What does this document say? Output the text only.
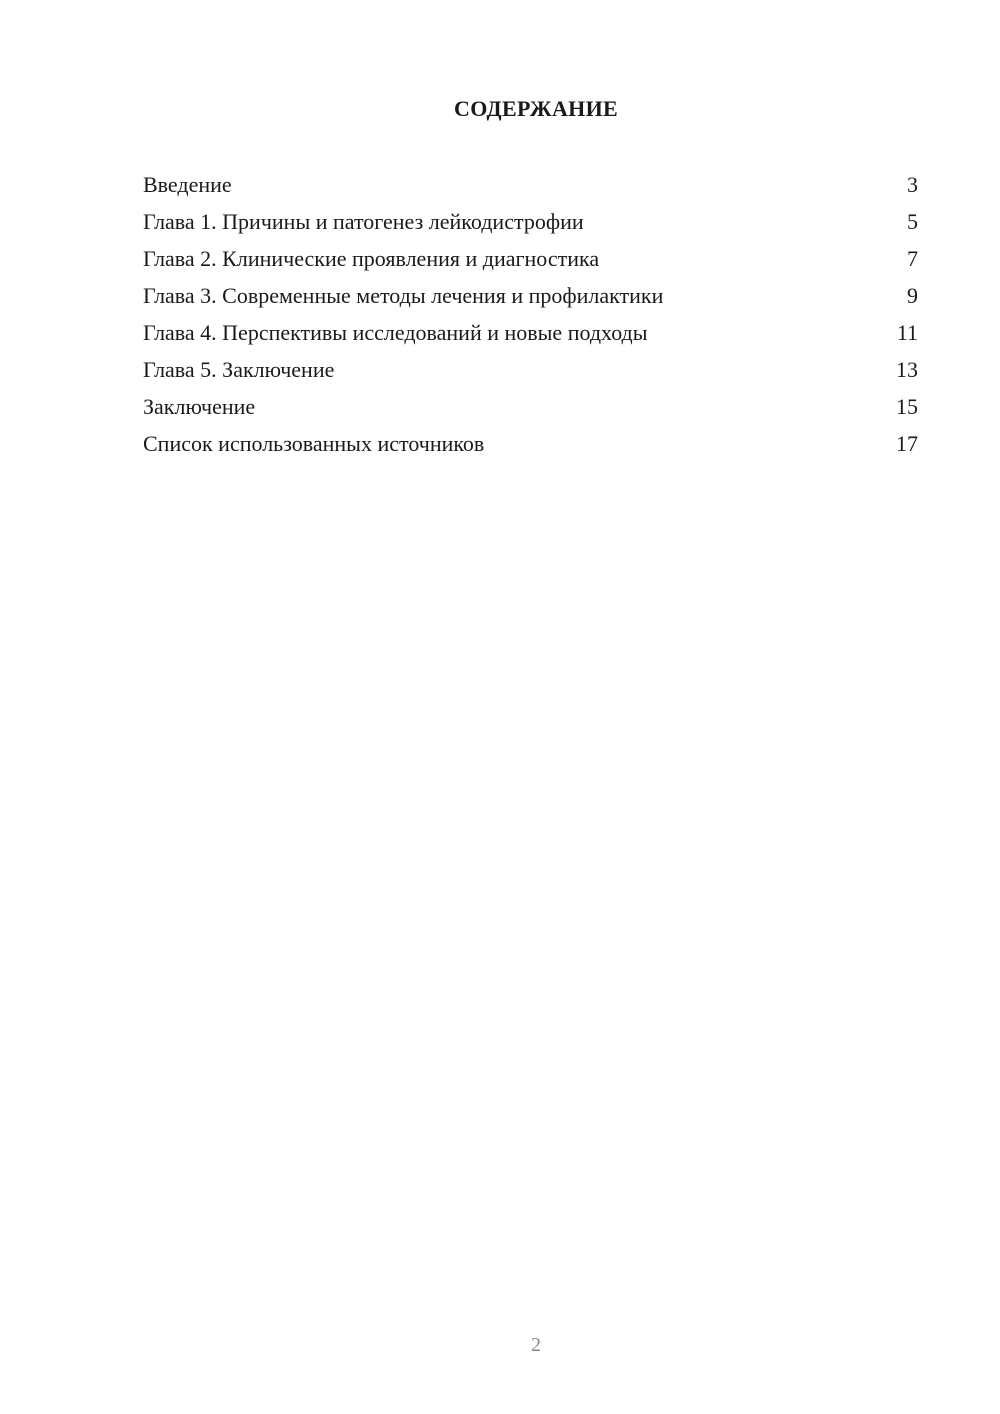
СОДЕРЖАНИЕ
Введение	3
Глава 1. Причины и патогенез лейкодистрофии	5
Глава 2. Клинические проявления и диагностика	7
Глава 3. Современные методы лечения и профилактики	9
Глава 4. Перспективы исследований и новые подходы	11
Глава 5. Заключение	13
Заключение	15
Список использованных источников	17
2
